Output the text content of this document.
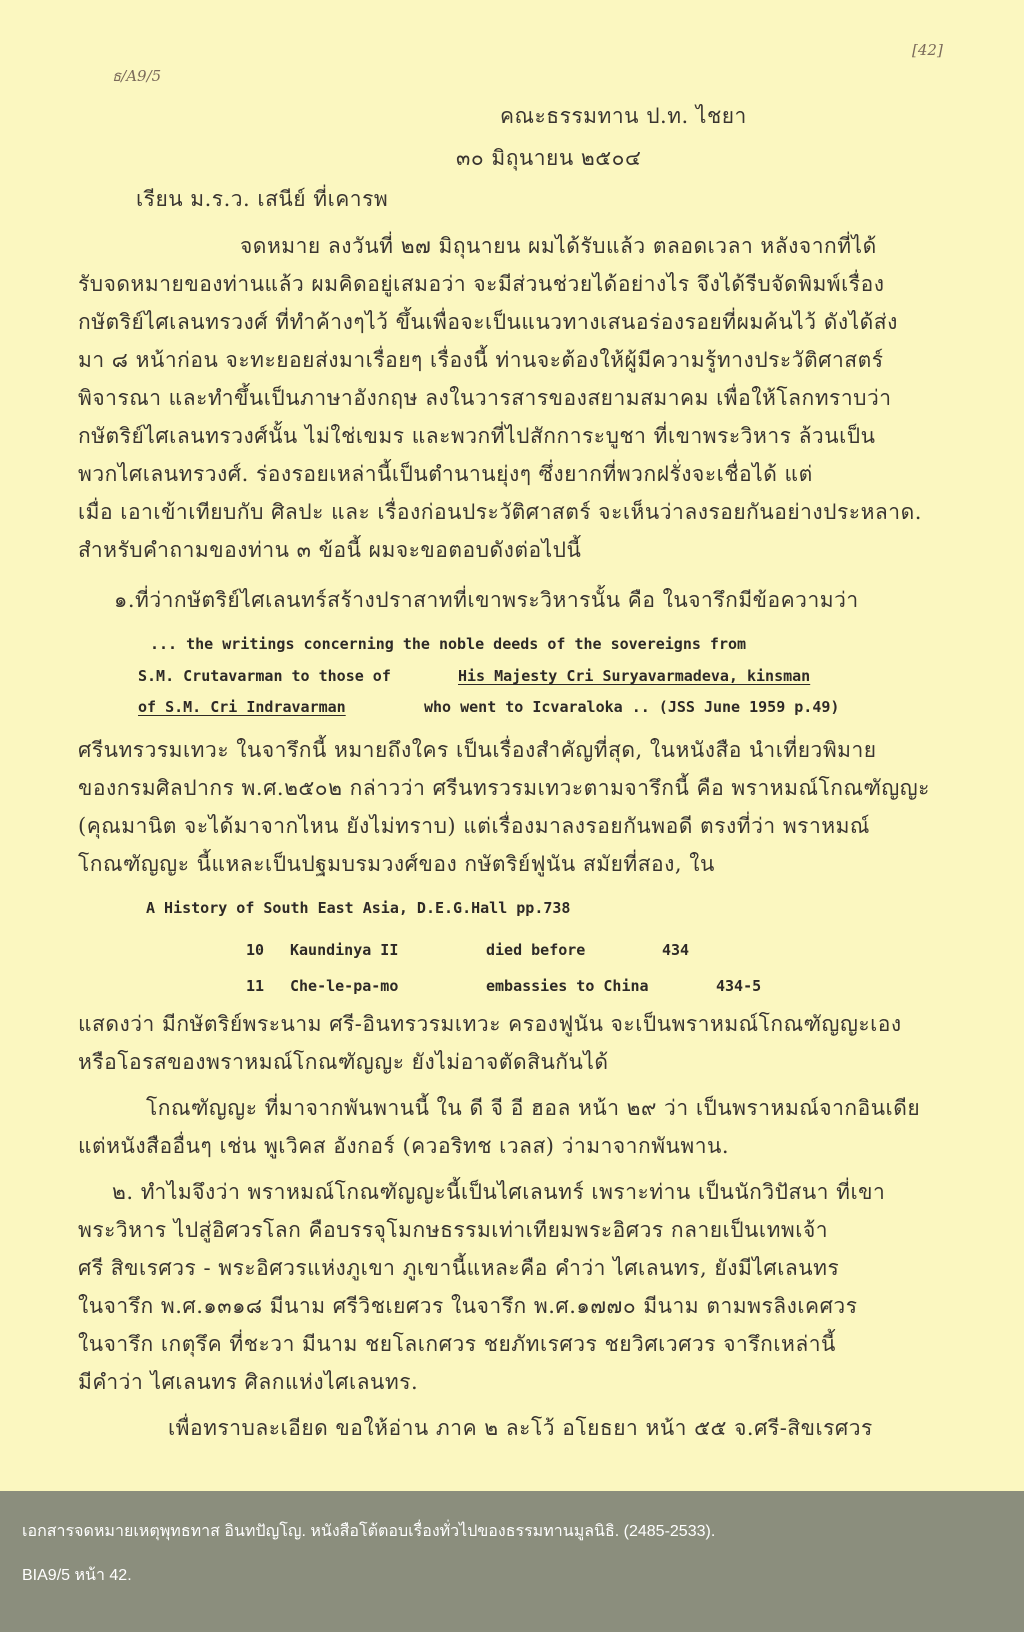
ธ/A9/5
[42]
คณะธรรมทาน ป.ท. ไชยา
๓๐ มิถุนายน ๒๕๐๔
เรียน ม.ร.ว. เสนีย์ ที่เคารพ
จดหมาย ลงวันที่ ๒๗ มิถุนายน ผมได้รับแล้ว ตลอดเวลา หลังจากที่ได้
รับจดหมายของท่านแล้ว ผมคิดอยู่เสมอว่า จะมีส่วนช่วยได้อย่างไร จึงได้รีบจัดพิมพ์เรื่อง
กษัตริย์ไศเลนทรวงศ์ ที่ทำค้างๆไว้ ขึ้นเพื่อจะเป็นแนวทางเสนอร่องรอยที่ผมค้นไว้ ดังได้ส่ง
มา ๘ หน้าก่อน จะทะยอยส่งมาเรื่อยๆ เรื่องนี้ ท่านจะต้องให้ผู้มีความรู้ทางประวัติศาสตร์
พิจารณา และทำขึ้นเป็นภาษาอังกฤษ ลงในวารสารของสยามสมาคม เพื่อให้โลกทราบว่า
กษัตริย์ไศเลนทรวงศ์นั้น ไม่ใช่เขมร และพวกที่ไปสักการะบูชา ที่เขาพระวิหาร ล้วนเป็น
พวกไศเลนทรวงศ์. ร่องรอยเหล่านี้เป็นตำนานยุ่งๆ ซึ่งยากที่พวกฝรั่งจะเชื่อได้ แต่
เมื่อ เอาเข้าเทียบกับ ศิลปะ และ เรื่องก่อนประวัติศาสตร์ จะเห็นว่าลงรอยกันอย่างประหลาด.
สำหรับคำถามของท่าน ๓ ข้อนี้ ผมจะขอตอบดังต่อไปนี้
๑.ที่ว่ากษัตริย์ไศเลนทร์สร้างปราสาทที่เขาพระวิหารนั้น คือ ในจารึกมีข้อความว่า
... the writings concerning the noble deeds of the sovereigns from
S.M. Crutavarman to those of	His Majesty Cri Suryavarmadeva, kinsman
of S.M. Cri Indravarman	who went to Icvaraloka .. (JSS June 1959 p.49)
ศรีนทรวรมเทวะ ในจารึกนี้ หมายถึงใคร เป็นเรื่องสำคัญที่สุด, ในหนังสือ นำเที่ยวพิมาย
ของกรมศิลปากร พ.ศ.๒๕๐๒ กล่าวว่า ศรีนทรวรมเทวะตามจารึกนี้ คือ พราหมณ์โกณฑัญญะ
(คุณมานิต จะได้มาจากไหน ยังไม่ทราบ) แต่เรื่องมาลงรอยกันพอดี ตรงที่ว่า พราหมณ์
โกณฑัญญะ นี้แหละเป็นปฐมบรมวงศ์ของ กษัตริย์ฟูนัน สมัยที่สอง, ใน
A History of South East Asia, D.E.G.Hall pp.738
10 Kaundinya II	died before	434
11 Che-le-pa-mo	embassies to China	434-5
แสดงว่า มีกษัตริย์พระนาม ศรี-อินทรวรมเทวะ ครองฟูนัน จะเป็นพราหมณ์โกณฑัญญะเอง
หรือโอรสของพราหมณ์โกณฑัญญะ ยังไม่อาจตัดสินกันได้
โกณฑัญญะ ที่มาจากพันพานนี้ ใน ดี จี อี ฮอล หน้า ๒๙ ว่า เป็นพราหมณ์จากอินเดีย
แต่หนังสืออื่นๆ เช่น พูเวิคส อังกอร์ (ควอริทช เวลส) ว่ามาจากพันพาน.
๒. ทำไมจึงว่า พราหมณ์โกณฑัญญะนี้เป็นไศเลนทร์ เพราะท่าน เป็นนักวิปัสนา ที่เขา
พระวิหาร ไปสู่อิศวรโลก คือบรรจุโมกษธรรมเท่าเทียมพระอิศวร กลายเป็นเทพเจ้า
ศรี สิขเรศวร - พระอิศวรแห่งภูเขา ภูเขานี้แหละคือ คำว่า ไศเลนทร, ยังมีไศเลนทร
ในจารึก พ.ศ.๑๓๑๘ มีนาม ศรีวิชเยศวร ในจารึก พ.ศ.๑๗๗๐ มีนาม ตามพรลิงเคศวร
ในจารึก เกตุรึค ที่ชะวา มีนาม ชยโลเกศวร ชยภัทเรศวร ชยวิศเวศวร จารึกเหล่านี้
มีคำว่า ไศเลนทร ศิลกแห่งไศเลนทร.
เพื่อทราบละเอียด ขอให้อ่าน ภาค ๒ ละโว้ อโยธยา หน้า ๕๕ จ.ศรี-สิขเรศวร
เอกสารจดหมายเหตุพุทธทาส อินทปัญโญ. หนังสือโต้ตอบเรื่องทั่วไปของธรรมทานมูลนิธิ. (2485-2533).
BIA9/5 หน้า 42.
